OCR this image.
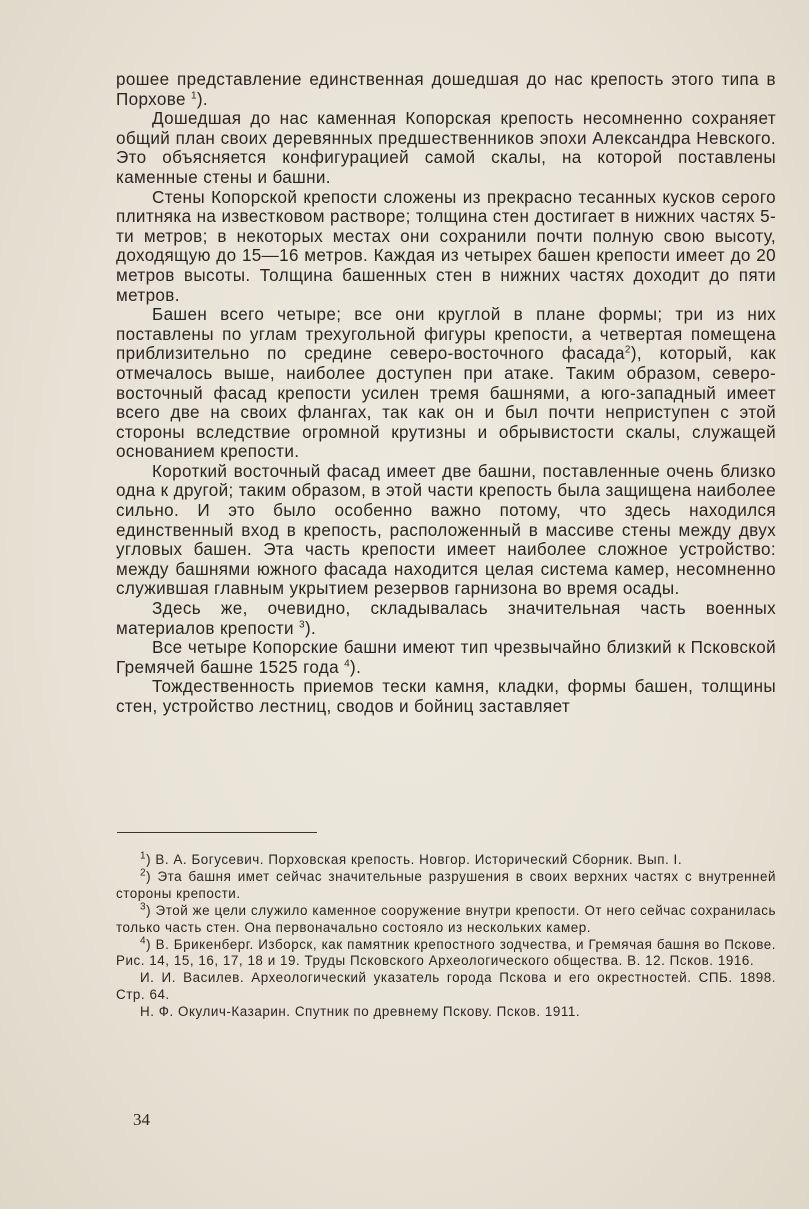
рошее представление единственная дошедшая до нас крепость этого типа в Порхове $^1$).

Дошедшая до нас каменная Копорская крепость несомненно сохраняет общий план своих деревянных предшественников эпохи Александра Невского. Это объясняется конфигурацией самой скалы, на которой поставлены каменные стены и башни.

Стены Копорской крепости сложены из прекрасно тесанных кусков серого плитняка на известковом растворе; толщина стен достигает в нижних частях 5-ти метров; в некоторых местах они сохранили почти полную свою высоту, доходящую до 15—16 метров. Каждая из четырех башен крепости имеет до 20 метров высоты. Толщина башенных стен в нижних частях доходит до пяти метров.

Башен всего четыре; все они круглой в плане формы; три из них поставлены по углам трехугольной фигуры крепости, а четвертая помещена приблизительно по средине северо-восточного фасада$^2$), который, как отмечалось выше, наиболее доступен при атаке. Таким образом, северо-восточный фасад крепости усилен тремя башнями, а юго-западный имеет всего две на своих флангах, так как он и был почти неприступен с этой стороны вследствие огромной крутизны и обрывистости скалы, служащей основанием крепости.

Короткий восточный фасад имеет две башни, поставленные очень близко одна к другой; таким образом, в этой части крепость была защищена наиболее сильно. И это было особенно важно потому, что здесь находился единственный вход в крепость, расположенный в массиве стены между двух угловых башен. Эта часть крепости имеет наиболее сложное устройство: между башнями южного фасада находится целая система камер, несомненно служившая главным укрытием резервов гарнизона во время осады.

Здесь же, очевидно, складывалась значительная часть военных материалов крепости $^3$).

Все четыре Копорские башни имеют тип чрезвычайно близкий к Псковской Гремячей башне 1525 года $^4$).

Тождественность приемов тески камня, кладки, формы башен, толщины стен, устройство лестниц, сводов и бойниц заставляет

$^1$) В. А. Богусевич. Порховская крепость. Новгор. Исторический Сборник. Вып. I.

$^2$) Эта башня имет сейчас значительные разрушения в своих верхних частях с внутренней стороны крепости.

$^3$) Этой же цели служило каменное сооружение внутри крепости. От него сейчас сохранилась только часть стен. Она первоначально состояло из нескольких камер.

$^4$) В. Брикенберг. Изборск, как памятник крепостного зодчества, и Гремячая башня во Пскове. Рис. 14, 15, 16, 17, 18 и 19. Труды Псковского Археологического общества. В. 12. Псков. 1916.

И. И. Василев. Археологический указатель города Пскова и его окрестностей. СПБ. 1898. Стр. 64.

Н. Ф. Окулич-Казарин. Спутник по древнему Пскову. Псков. 1911.

34
